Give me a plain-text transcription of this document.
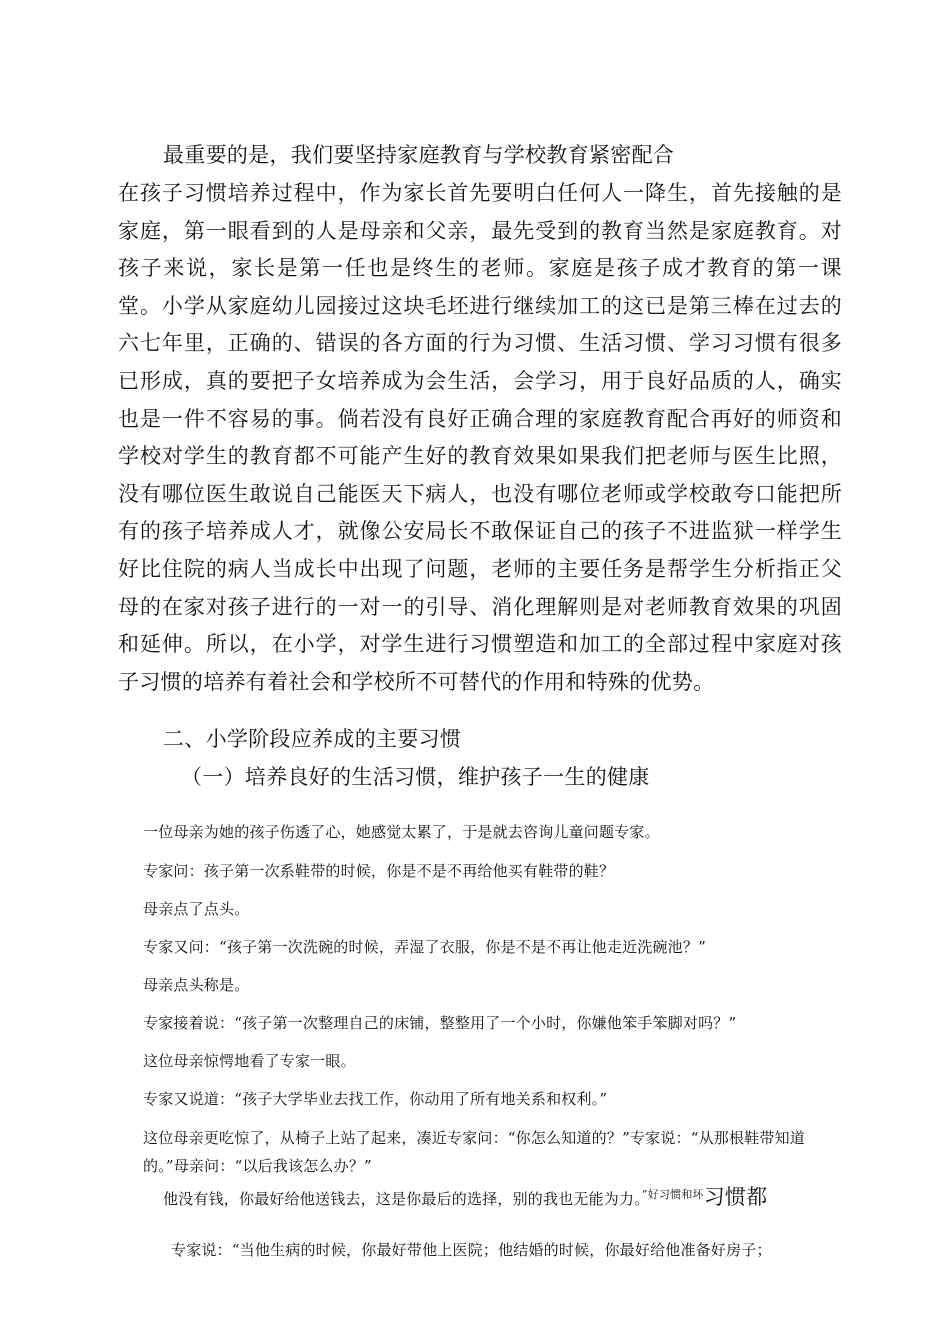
最重要的是，我们要坚持家庭教育与学校教育紧密配合

在孩子习惯培养过程中，作为家长首先要明白任何人一降生，首先接触的是家庭，第一眼看到的人是母亲和父亲，最先受到的教育当然是家庭教育。对孩子来说，家长是第一任也是终生的老师。家庭是孩子成才教育的第一课堂。小学从家庭幼儿园接过这块毛坯进行继续加工的这已是第三棒在过去的六七年里，正确的、错误的各方面的行为习惯、生活习惯、学习习惯有很多已形成，真的要把子女培养成为会生活，会学习，用于良好品质的人，确实也是一件不容易的事。倘若没有良好正确合理的家庭教育配合再好的师资和学校对学生的教育都不可能产生好的教育效果如果我们把老师与医生比照，没有哪位医生敢说自己能医天下病人，也没有哪位老师或学校敢夸口能把所有的孩子培养成人才，就像公安局长不敢保证自己的孩子不进监狱一样学生好比住院的病人当成长中出现了问题，老师的主要任务是帮学生分析指正父母的在家对孩子进行的一对一的引导、消化理解则是对老师教育效果的巩固和延伸。所以，在小学，对学生进行习惯塑造和加工的全部过程中家庭对孩子习惯的培养有着社会和学校所不可替代的作用和特殊的优势。

二、小学阶段应养成的主要习惯

（一）培养良好的生活习惯，维护孩子一生的健康

一位母亲为她的孩子伤透了心，她感觉太累了，于是就去咨询儿童问题专家。

专家问：孩子第一次系鞋带的时候，你是不是不再给他买有鞋带的鞋？

母亲点了点头。

专家又问：“孩子第一次洗碗的时候，弄湿了衣服，你是不是不再让他走近洗碗池？”

母亲点头称是。

专家接着说：“孩子第一次整理自己的床铺，整整用了一个小时，你嫌他笨手笨脚对吗？”

这位母亲惊愕地看了专家一眼。

专家又说道：“孩子大学毕业去找工作，你动用了所有地关系和权利。”

这位母亲更吃惊了，从椅子上站了起来，凑近专家问：“你怎么知道的？”专家说：“从那根鞋带知道的。”母亲问：“以后我该怎么办？”

他没有钱，你最好给他送钱去，这是你最后的选择，别的我也无能为力。$^{”好习惯和坏}$习惯都

专家说：“当他生病的时候，你最好带他上医院；他结婚的时候，你最好给他准备好房子；
